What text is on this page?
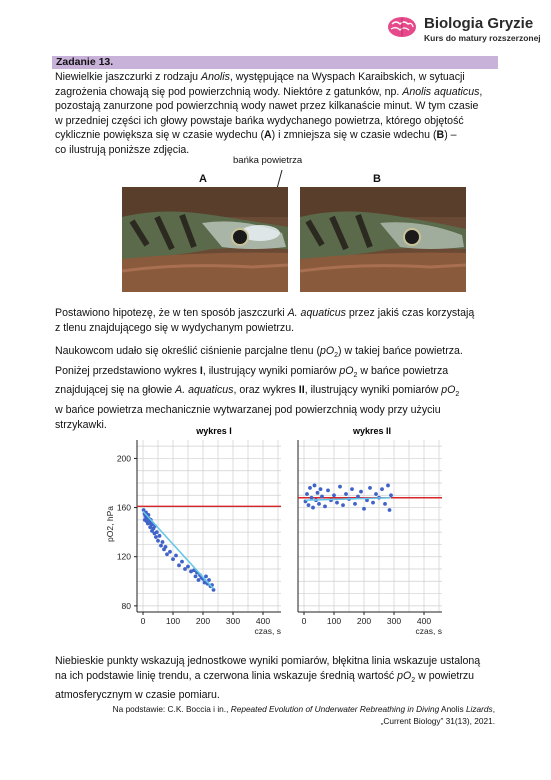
Biologia Gryzie
Kurs do matury rozszerzonej
Zadanie 13.
Niewielkie jaszczurki z rodzaju Anolis, występujące na Wyspach Karaibskich, w sytuacji
zagrożenia chowają się pod powierzchnią wody. Niektóre z gatunków, np. Anolis aquaticus,
pozostają zanurzone pod powierzchnią wody nawet przez kilkanaście minut. W tym czasie
w przedniej części ich głowy powstaje bańka wydychanego powietrza, którego objętość
cyklicznie powiększa się w czasie wydechu (A) i zmniejsza się w czasie wdechu (B) –
co ilustrują poniższe zdjęcia.
bańka powietrza
A	B
Postawiono hipotezę, że w ten sposób jaszczurki A. aquaticus przez jakiś czas korzystają
z tlenu znajdującego się w wydychanym powietrzu.
Naukowcom udało się określić ciśnienie parcjalne tlenu $(pO_2)$ w takiej bańce powietrza.
Poniżej przedstawiono wykres I, ilustrujący wyniki pomiarów $pO_2$ w bańce powietrza
znajdującej się na głowie A. aquaticus, oraz wykres II, ilustrujący wyniki pomiarów $pO_2$
w bańce powietrza mechanicznie wytwarzanej pod powierzchnią wody przy użyciu
strzykawki.
wykres I	wykres II
pO2, hPa
czas, s	czas, s
0 100 200 300 400
80
120
160
200
0 100 200 300 400
Niebieskie punkty wskazują jednostkowe wyniki pomiarów, błękitna linia wskazuje ustaloną
na ich podstawie linię trendu, a czerwona linia wskazuje średnią wartość $pO_2$ w powietrzu
atmosferycznym w czasie pomiaru.
Na podstawie: C.K. Boccia i in., Repeated Evolution of Underwater Rebreathing in Diving Anolis Lizards,
„Current Biology” 31(13), 2021.
